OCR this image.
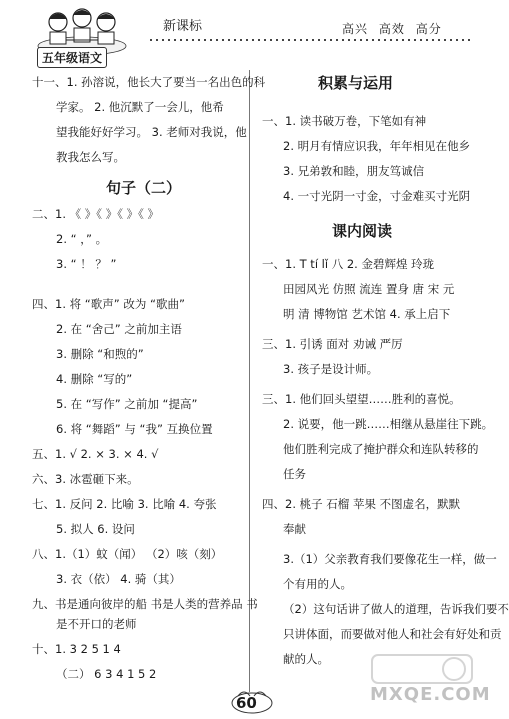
新课标	高兴 高效 高分
五年级语文
十一、1. 孙溶说，他长大了要当一名出色的科
学家。 2. 他沉默了一会儿，他希
望我能好好学习。 3. 老师对我说，他
教我怎么写。
句子（二）
二、1. 《 》《 》《 》《 》
2. “ ，” 。
3. “ ！ ？ ”
四、1. 将 “歌声” 改为 “歌曲”
2. 在 “舍己” 之前加主语
3. 删除 “和煦的”
4. 删除 “写的”
5. 在 “写作” 之前加 “提高”
6. 将 “舞蹈” 与 “我” 互换位置
五、1. √ 2. × 3. × 4. √
六、3. 冰雹砸下来。
七、1. 反问 2. 比喻 3. 比喻 4. 夸张
5. 拟人 6. 设问
八、1.（1）蚊（闻） （2）咳（刻）
3. 衣（依） 4. 骑（其）
九、书是通向彼岸的船 书是人类的营养品 书
是不开口的老师
十、1. 3 2 5 1 4
（二） 6 3 4 1 5 2
积累与运用
一、1. 读书破万卷，下笔如有神
2. 明月有情应识我，年年相见在他乡
3. 兄弟敦和睦，朋友笃诚信
4. 一寸光阴一寸金，寸金难买寸光阴
课内阅读
一、1. T tí lǐ 八 2. 金碧辉煌 玲珑
田园风光 仿照 流连 置身 唐 宋 元
明 清 博物馆 艺术馆 4. 承上启下
三、1. 引诱 面对 劝诫 严厉
3. 孩子是设计师。
三、1. 他们回头望望……胜利的喜悦。
2. 说要，他一跳……相继从悬崖往下跳。
他们胜利完成了掩护群众和连队转移的
任务
四、2. 桃子 石榴 苹果 不图虚名，默默
奉献
3.（1）父亲教育我们要像花生一样，做一
个有用的人。
（2）这句话讲了做人的道理，告诉我们要不
只讲体面，而要做对他人和社会有好处和贡
献的人。
60	MXQE.COM
